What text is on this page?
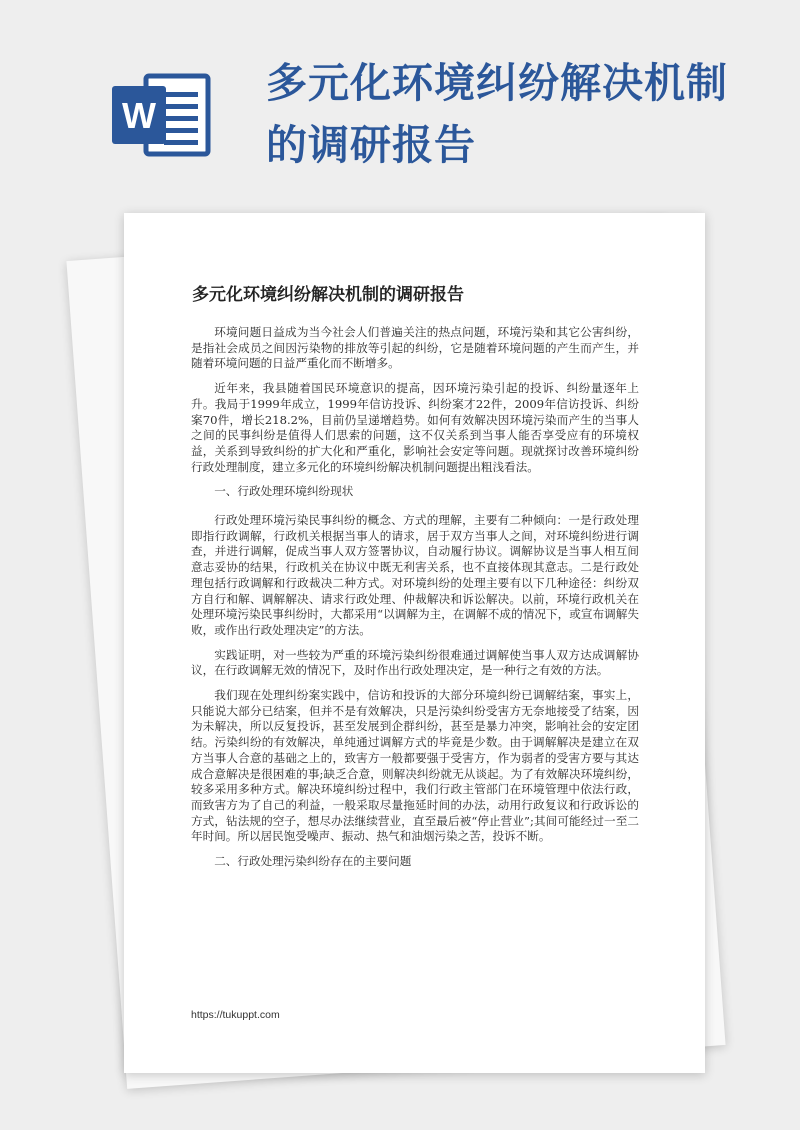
W
多元化环境纠纷解决机制的调研报告
多元化环境纠纷解决机制的调研报告

环境问题日益成为当今社会人们普遍关注的热点问题，环境污染和其它公害纠纷，是指社会成员之间因污染物的排放等引起的纠纷，它是随着环境问题的产生而产生，并随着环境问题的日益严重化而不断增多。

近年来，我县随着国民环境意识的提高，因环境污染引起的投诉、纠纷量逐年上升。我局于1999年成立，1999年信访投诉、纠纷案才22件，2009年信访投诉、纠纷案70件，增长218.2%，目前仍呈递增趋势。如何有效解决因环境污染而产生的当事人之间的民事纠纷是值得人们思索的问题，这不仅关系到当事人能否享受应有的环境权益，关系到导致纠纷的扩大化和严重化，影响社会安定等问题。现就探讨改善环境纠纷行政处理制度，建立多元化的环境纠纷解决机制问题提出粗浅看法。

一、行政处理环境纠纷现状

行政处理环境污染民事纠纷的概念、方式的理解，主要有二种倾向：一是行政处理即指行政调解，行政机关根据当事人的请求，居于双方当事人之间，对环境纠纷进行调查，并进行调解，促成当事人双方签署协议，自动履行协议。调解协议是当事人相互间意志妥协的结果，行政机关在协议中既无利害关系，也不直接体现其意志。二是行政处理包括行政调解和行政裁决二种方式。对环境纠纷的处理主要有以下几种途径：纠纷双方自行和解、调解解决、请求行政处理、仲裁解决和诉讼解决。以前，环境行政机关在处理环境污染民事纠纷时，大都采用“以调解为主，在调解不成的情况下，或宣布调解失败，或作出行政处理决定”的方法。

实践证明，对一些较为严重的环境污染纠纷很难通过调解使当事人双方达成调解协议，在行政调解无效的情况下，及时作出行政处理决定，是一种行之有效的方法。

我们现在处理纠纷案实践中，信访和投诉的大部分环境纠纷已调解结案，事实上，只能说大部分已结案，但并不是有效解决，只是污染纠纷受害方无奈地接受了结案，因为未解决，所以反复投诉，甚至发展到企群纠纷，甚至是暴力冲突，影响社会的安定团结。污染纠纷的有效解决，单纯通过调解方式的毕竟是少数。由于调解解决是建立在双方当事人合意的基础之上的，致害方一般都要强于受害方，作为弱者的受害方要与其达成合意解决是很困难的事;缺乏合意，则解决纠纷就无从谈起。为了有效解决环境纠纷，较多采用多种方式。解决环境纠纷过程中，我们行政主管部门在环境管理中依法行政，而致害方为了自己的利益，一般采取尽量拖延时间的办法，动用行政复议和行政诉讼的方式，钻法规的空子，想尽办法继续营业，直至最后被“停止营业”;其间可能经过一至二年时间。所以居民饱受噪声、振动、热气和油烟污染之苦，投诉不断。

二、行政处理污染纠纷存在的主要问题

https://tukuppt.com
